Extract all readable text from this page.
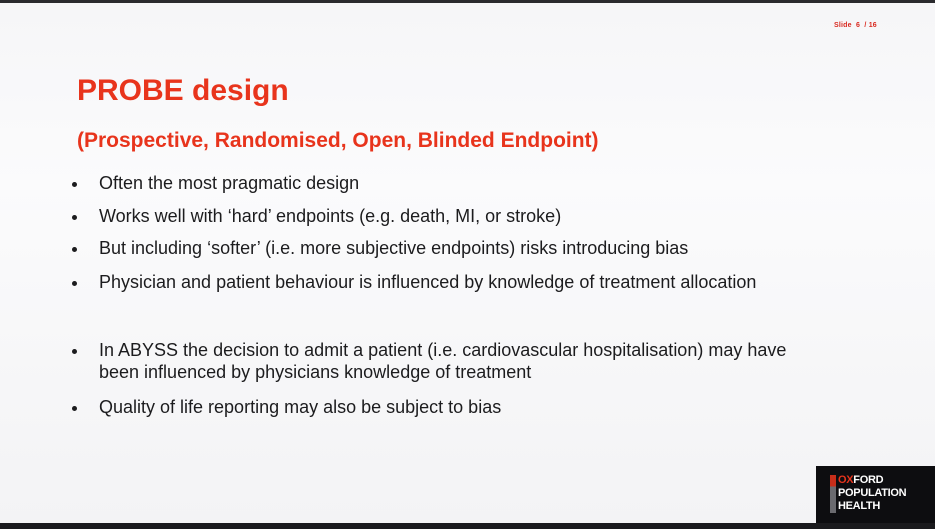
Slide 6 / 16
PROBE design
(Prospective, Randomised, Open, Blinded Endpoint)
Often the most pragmatic design
Works well with ‘hard’ endpoints (e.g. death, MI, or stroke)
But including ‘softer’ (i.e. more subjective endpoints) risks introducing bias
Physician and patient behaviour is influenced by knowledge of treatment allocation
In ABYSS the decision to admit a patient (i.e. cardiovascular hospitalisation) may have been influenced by physicians knowledge of treatment
Quality of life reporting may also be subject to bias
OXFORD
POPULATION
HEALTH
